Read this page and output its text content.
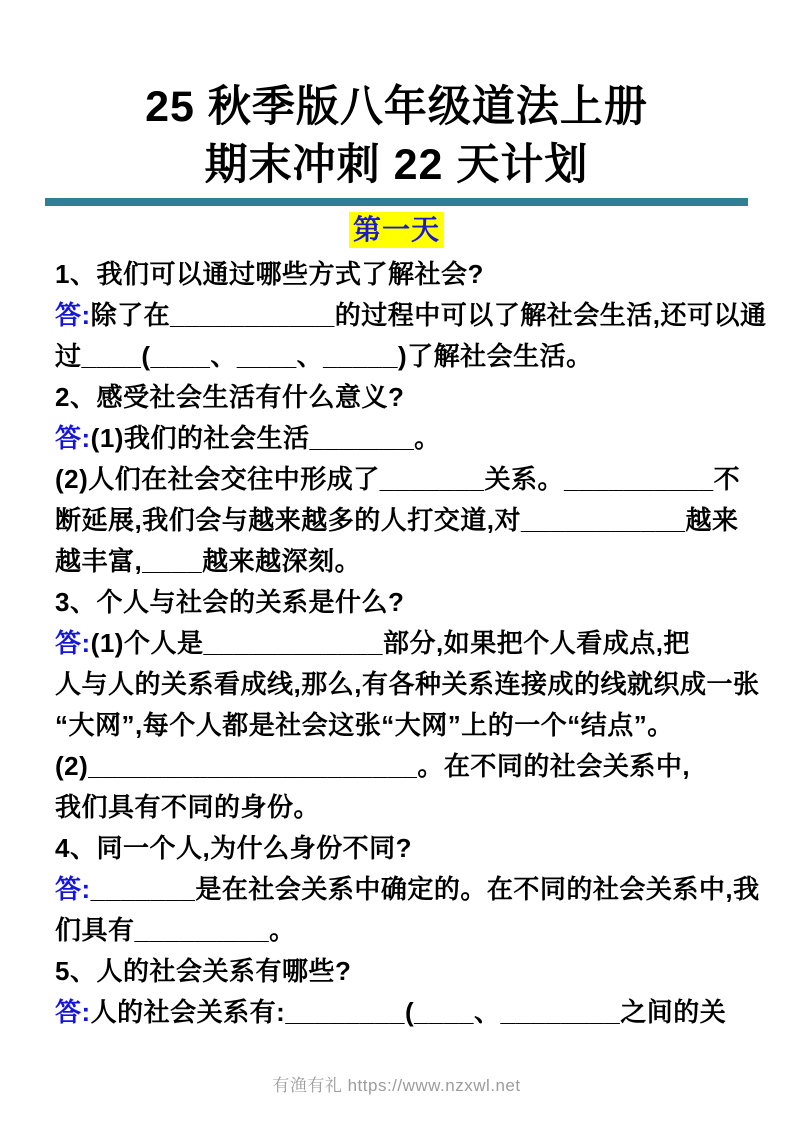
25 秋季版八年级道法上册
期末冲刺 22 天计划
第一天
1、我们可以通过哪些方式了解社会?
答:除了在___________的过程中可以了解社会生活,还可以通
过____(____、____、_____)了解社会生活。
2、感受社会生活有什么意义?
答:(1)我们的社会生活_______。
(2)人们在社会交往中形成了_______关系。__________不
断延展,我们会与越来越多的人打交道,对___________越来
越丰富,____越来越深刻。
3、个人与社会的关系是什么?
答:(1)个人是____________部分,如果把个人看成点,把
人与人的关系看成线,那么,有各种关系连接成的线就织成一张
“大网”,每个人都是社会这张“大网”上的一个“结点”。
(2)______________________。在不同的社会关系中,
我们具有不同的身份。
4、同一个人,为什么身份不同?
答:_______是在社会关系中确定的。在不同的社会关系中,我
们具有_________。
5、人的社会关系有哪些?
答:人的社会关系有:________(____、________之间的关
有渔有礼 https://www.nzxwl.net
